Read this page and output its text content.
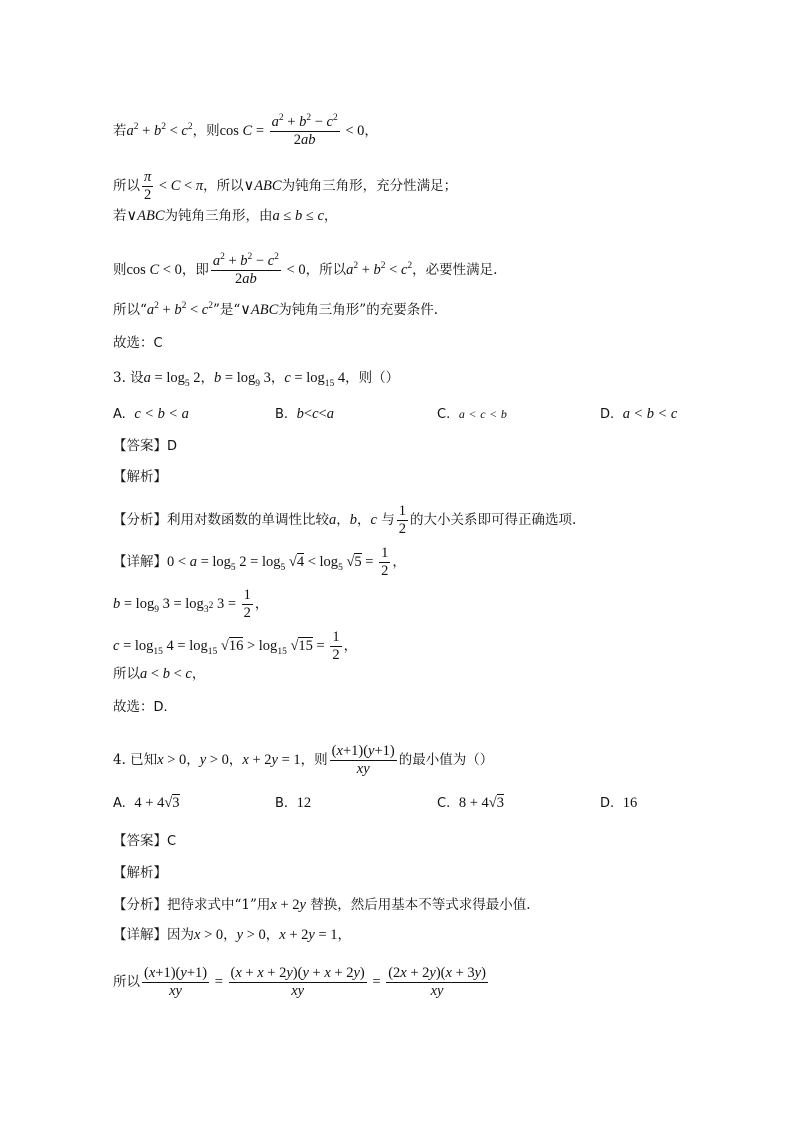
若$a^2 + b^2 < c^2$，则$\cos C = \frac{a^2 + b^2 - c^2}{2ab} < 0$，
所以 $\frac{\pi}{2} < C < \pi$，所以∨ABC为钝角三角形，充分性满足；
若∨ABC为钝角三角形，由a ≤ b ≤ c，
则cos C < 0，即 $\frac{a^2 + b^2 - c^2}{2ab} < 0$，所以$a^2 + b^2 < c^2$，必要性满足.
所以“$a^2 + b^2 < c^2$”是“∨ABC为钝角三角形”的充要条件.
故选：C
3. 设$a = \log_5 2$，$b = \log_9 3$，$c = \log_{15} 4$，则（）
A. c < b < a	B. b<c<a	C. a < c < b	D. a < b < c
【答案】D
【解析】
【分析】利用对数函数的单调性比较a，b，c 与 $\frac{1}{2}$ 的大小关系即可得正确选项.
【详解】$0 < a = \log_5 2 = \log_5 √4 < \log_5 √5 = \frac{1}{2}$ ，
$b = \log_9 3 = \log_{3^2} 3 = \frac{1}{2}$ ，
$c = \log_{15} 4 = \log_{15} √16 > \log_{15} √15 = \frac{1}{2}$ ，
所以a < b < c，
故选：D.
4. 已知x > 0，y > 0，x + 2y = 1，则 $\frac{(x+1)(y+1)}{xy}$ 的最小值为（）
A. 4 + 4√3	B. 12	C. 8 + 4√3	D. 16
【答案】C
【解析】
【分析】把待求式中“1”用x + 2y 替换，然后用基本不等式求得最小值.
【详解】因为x > 0，y > 0，x + 2y = 1，
所以 $\frac{(x+1)(y+1)}{xy} = \frac{(x + x + 2y)(y + x + 2y)}{xy} = \frac{(2x + 2y)(x + 3y)}{xy}$
